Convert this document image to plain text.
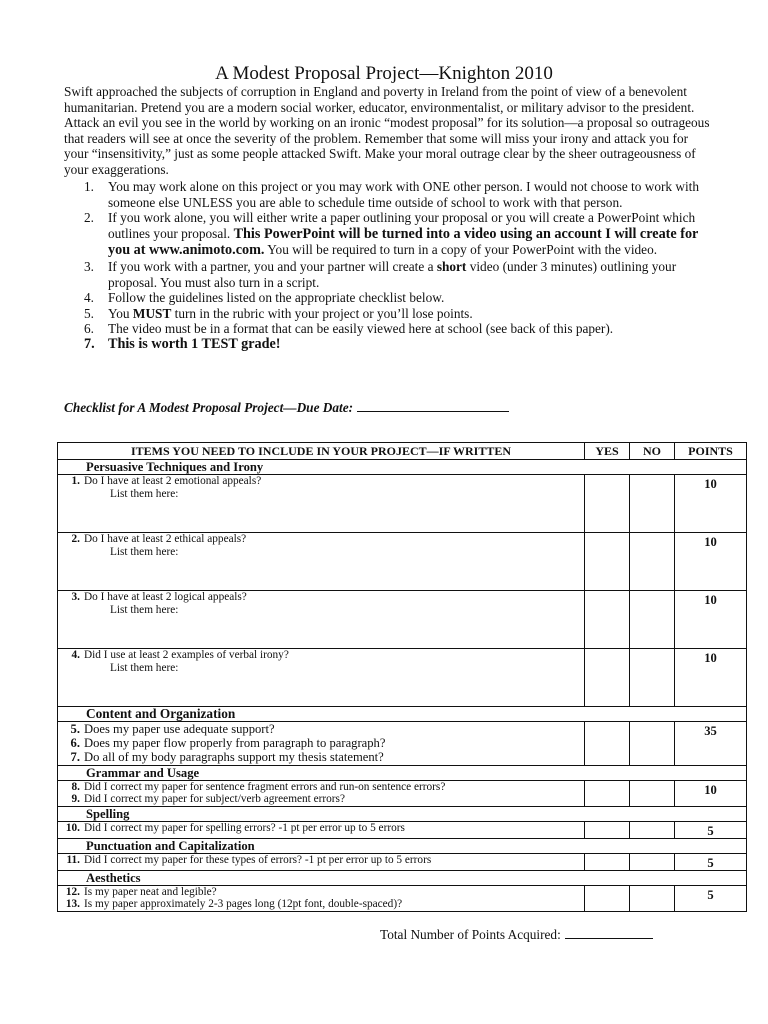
A Modest Proposal Project—Knighton 2010
Swift approached the subjects of corruption in England and poverty in Ireland from the point of view of a benevolent humanitarian. Pretend you are a modern social worker, educator, environmentalist, or military advisor to the president. Attack an evil you see in the world by working on an ironic “modest proposal” for its solution—a proposal so outrageous that readers will see at once the severity of the problem. Remember that some will miss your irony and attack you for your “insensitivity,” just as some people attacked Swift. Make your moral outrage clear by the sheer outrageousness of your exaggerations.
1. You may work alone on this project or you may work with ONE other person. I would not choose to work with someone else UNLESS you are able to schedule time outside of school to work with that person.
2. If you work alone, you will either write a paper outlining your proposal or you will create a PowerPoint which outlines your proposal. This PowerPoint will be turned into a video using an account I will create for you at www.animoto.com. You will be required to turn in a copy of your PowerPoint with the video.
3. If you work with a partner, you and your partner will create a short video (under 3 minutes) outlining your proposal. You must also turn in a script.
4. Follow the guidelines listed on the appropriate checklist below.
5. You MUST turn in the rubric with your project or you’ll lose points.
6. The video must be in a format that can be easily viewed here at school (see back of this paper).
7. This is worth 1 TEST grade!
Checklist for A Modest Proposal Project—Due Date:
ITEMS YOU NEED TO INCLUDE IN YOUR PROJECT—IF WRITTEN	YES	NO	POINTS
Persuasive Techniques and Irony			

1. Do I have at least 2 emotional appeals?
List them here:			10

2. Do I have at least 2 ethical appeals?
List them here:			10

3. Do I have at least 2 logical appeals?
List them here:			10

4. Did I use at least 2 examples of verbal irony?
List them here:			10
Content and Organization			

5. Does my paper use adequate support?
6. Does my paper flow properly from paragraph to paragraph?
7. Do all of my body paragraphs support my thesis statement?			35
Grammar and Usage			

8. Did I correct my paper for sentence fragment errors and run-on sentence errors?
9. Did I correct my paper for subject/verb agreement errors?			10
Spelling			

10. Did I correct my paper for spelling errors? -1 pt per error up to 5 errors			5
Punctuation and Capitalization			

11. Did I correct my paper for these types of errors? -1 pt per error up to 5 errors			5
Aesthetics			

12. Is my paper neat and legible?
13. Is my paper approximately 2-3 pages long (12pt font, double-spaced)?			5
Total Number of Points Acquired:
